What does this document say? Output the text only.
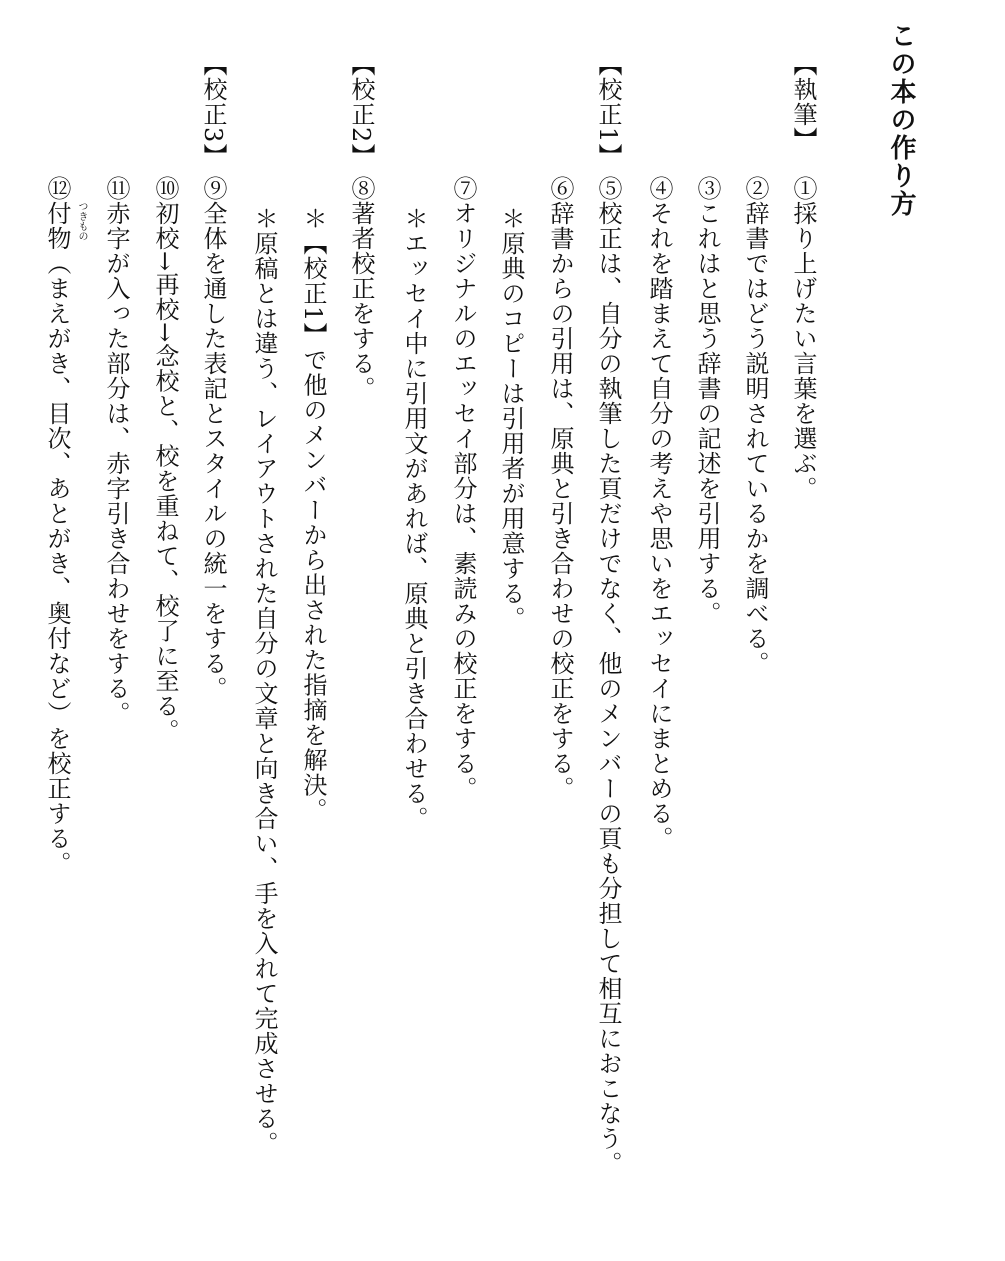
この本の作り方
【執筆】
①採り上げたい言葉を選ぶ。
②辞書ではどう説明されているかを調べる。
③これはと思う辞書の記述を引用する。
④それを踏まえて自分の考えや思いをエッセイにまとめる。
【校正1】
⑤校正は、自分の執筆した頁だけでなく、他のメンバーの頁も分担して相互におこなう。
⑥辞書からの引用は、原典と引き合わせの校正をする。
＊原典のコピーは引用者が用意する。
⑦オリジナルのエッセイ部分は、素読みの校正をする。
＊エッセイ中に引用文があれば、原典と引き合わせる。
【校正2】
⑧著者校正をする。
＊【校正1】で他のメンバーから出された指摘を解決。
＊原稿とは違う、レイアウトされた自分の文章と向き合い、手を入れて完成させる。
【校正3】
⑨全体を通した表記とスタイルの統一をする。
⑩初校→再校→念校と、校を重ねて、校了に至る。
⑪赤字が入った部分は、赤字引き合わせをする。
⑫付物 つきもの
（まえがき、目次、あとがき、奥付など）を校正する。
